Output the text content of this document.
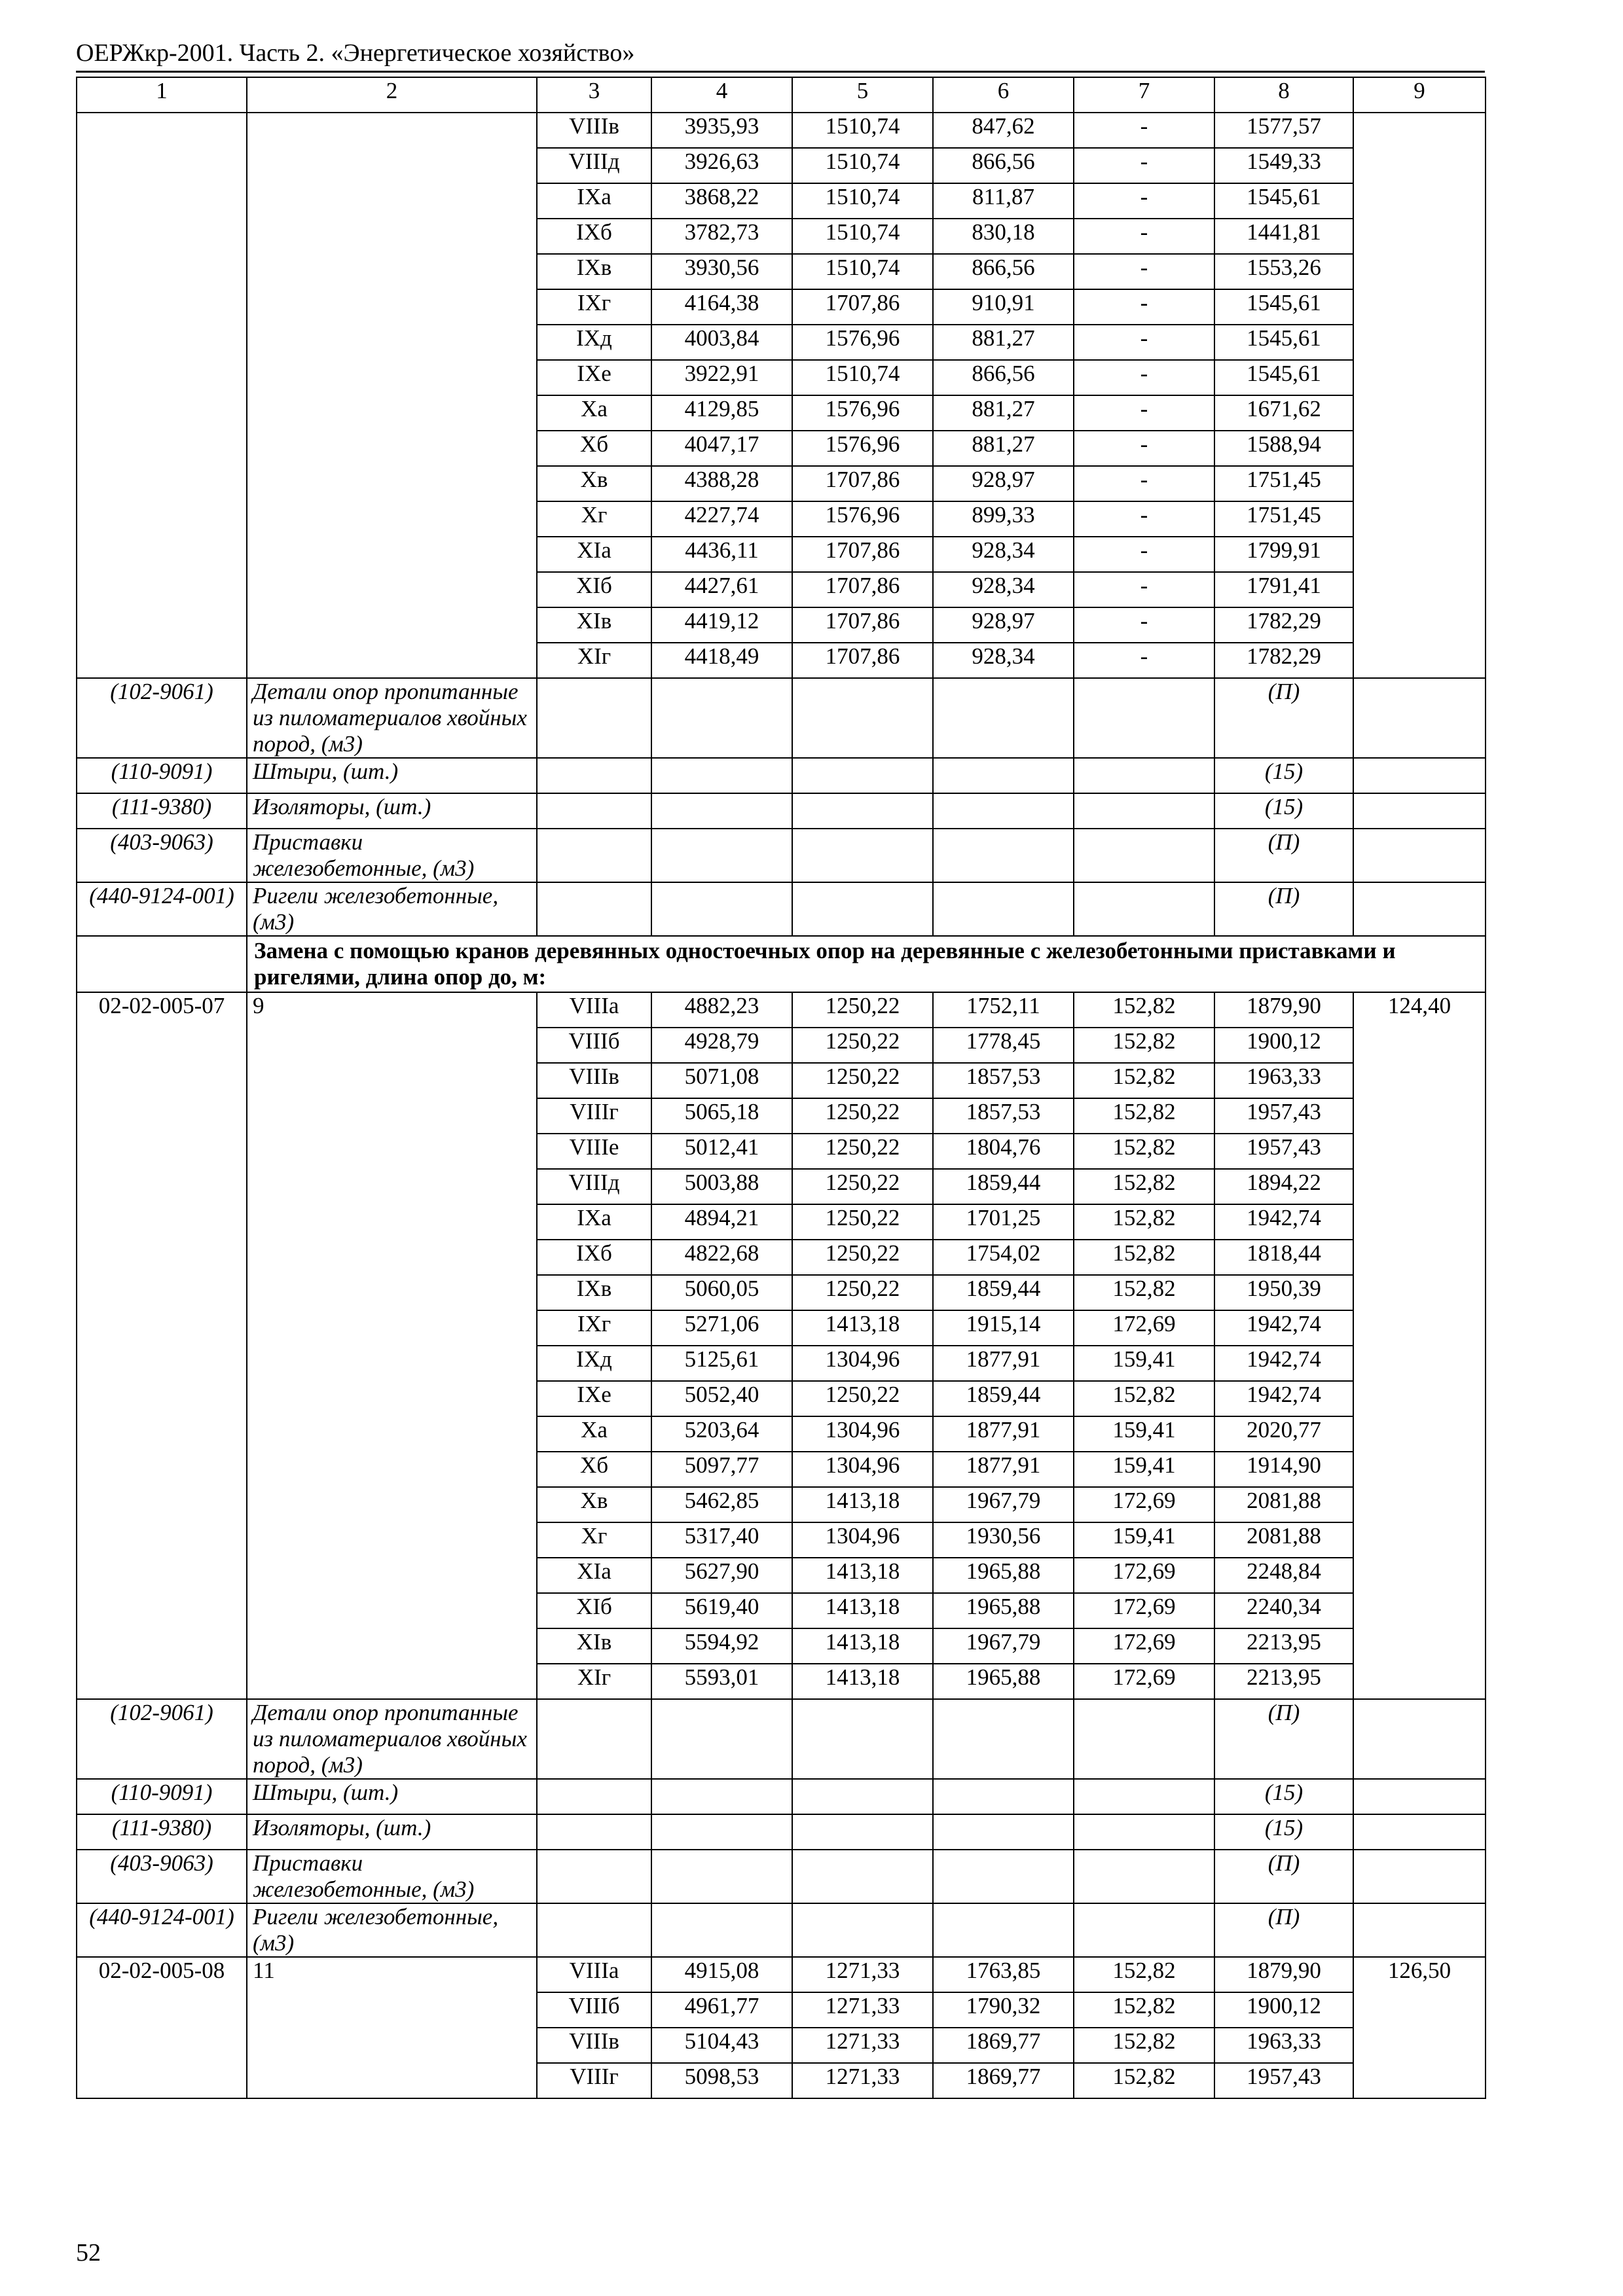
ОЕРЖкр-2001. Часть 2. «Энергетическое хозяйство»
1	2	3	4	5	6	7	8	9
		VIIIв	3935,93	1510,74	847,62	-	1577,57	
		VIIIд	3926,63	1510,74	866,56	-	1549,33	
		IXа	3868,22	1510,74	811,87	-	1545,61	
		IXб	3782,73	1510,74	830,18	-	1441,81	
		IXв	3930,56	1510,74	866,56	-	1553,26	
		IXг	4164,38	1707,86	910,91	-	1545,61	
		IXд	4003,84	1576,96	881,27	-	1545,61	
		IXе	3922,91	1510,74	866,56	-	1545,61	
		Xа	4129,85	1576,96	881,27	-	1671,62	
		Xб	4047,17	1576,96	881,27	-	1588,94	
		Xв	4388,28	1707,86	928,97	-	1751,45	
		Xг	4227,74	1576,96	899,33	-	1751,45	
		XIа	4436,11	1707,86	928,34	-	1799,91	
		XIб	4427,61	1707,86	928,34	-	1791,41	
		XIв	4419,12	1707,86	928,97	-	1782,29	
		XIг	4418,49	1707,86	928,34	-	1782,29	
(102-9061)	Детали опор пропитанные из пиломатериалов хвойных пород, (м3)						(П)	
(110-9091)	Штыри, (шт.)						(15)	
(111-9380)	Изоляторы, (шт.)						(15)	
(403-9063)	Приставки железобетонные, (м3)						(П)	
(440-9124-001)	Ригели железобетонные, (м3)						(П)	
	Замена с помощью кранов деревянных одностоечных опор на деревянные с железобетонными приставками и ригелями, длина опор до, м:							
02-02-005-07	9	VIIIа	4882,23	1250,22	1752,11	152,82	1879,90	124,40
		VIIIб	4928,79	1250,22	1778,45	152,82	1900,12	
		VIIIв	5071,08	1250,22	1857,53	152,82	1963,33	
		VIIIг	5065,18	1250,22	1857,53	152,82	1957,43	
		VIIIе	5012,41	1250,22	1804,76	152,82	1957,43	
		VIIIд	5003,88	1250,22	1859,44	152,82	1894,22	
		IXа	4894,21	1250,22	1701,25	152,82	1942,74	
		IXб	4822,68	1250,22	1754,02	152,82	1818,44	
		IXв	5060,05	1250,22	1859,44	152,82	1950,39	
		IXг	5271,06	1413,18	1915,14	172,69	1942,74	
		IXд	5125,61	1304,96	1877,91	159,41	1942,74	
		IXе	5052,40	1250,22	1859,44	152,82	1942,74	
		Xа	5203,64	1304,96	1877,91	159,41	2020,77	
		Xб	5097,77	1304,96	1877,91	159,41	1914,90	
		Xв	5462,85	1413,18	1967,79	172,69	2081,88	
		Xг	5317,40	1304,96	1930,56	159,41	2081,88	
		XIа	5627,90	1413,18	1965,88	172,69	2248,84	
		XIб	5619,40	1413,18	1965,88	172,69	2240,34	
		XIв	5594,92	1413,18	1967,79	172,69	2213,95	
		XIг	5593,01	1413,18	1965,88	172,69	2213,95	
(102-9061)	Детали опор пропитанные из пиломатериалов хвойных пород, (м3)						(П)	
(110-9091)	Штыри, (шт.)						(15)	
(111-9380)	Изоляторы, (шт.)						(15)	
(403-9063)	Приставки железобетонные, (м3)						(П)	
(440-9124-001)	Ригели железобетонные, (м3)						(П)	
02-02-005-08	11	VIIIа	4915,08	1271,33	1763,85	152,82	1879,90	126,50
		VIIIб	4961,77	1271,33	1790,32	152,82	1900,12	
		VIIIв	5104,43	1271,33	1869,77	152,82	1963,33	
		VIIIг	5098,53	1271,33	1869,77	152,82	1957,43	
52
